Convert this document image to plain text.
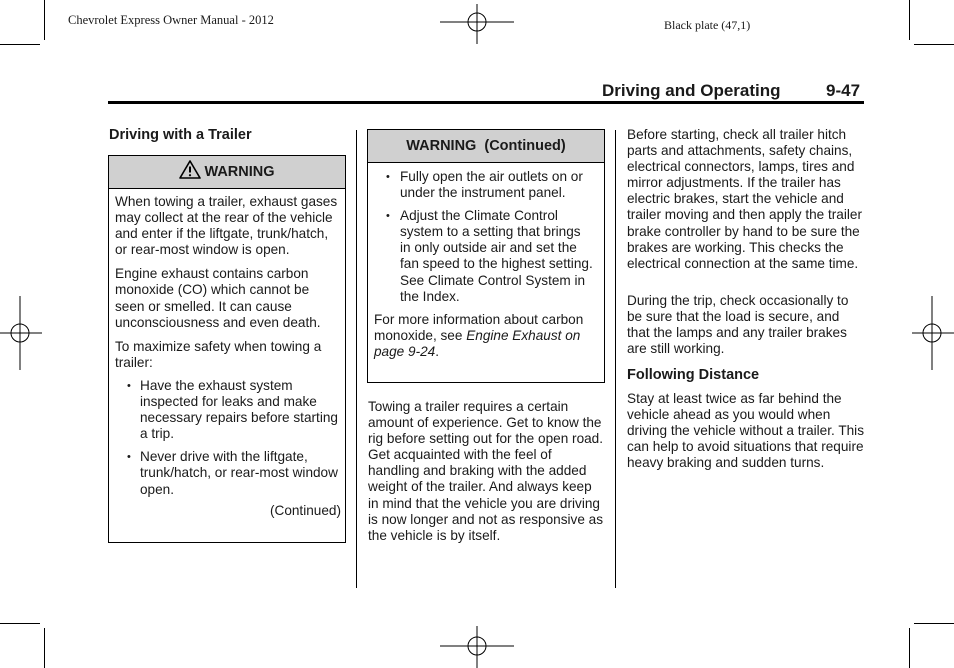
Chevrolet Express Owner Manual - 2012	Black plate (47,1)
Driving and Operating	9-47
Driving with a Trailer
WARNING

When towing a trailer, exhaust gases may collect at the rear of the vehicle and enter if the liftgate, trunk/hatch, or rear-most window is open.

Engine exhaust contains carbon monoxide (CO) which cannot be seen or smelled. It can cause unconsciousness and even death.

To maximize safety when towing a trailer:

• Have the exhaust system inspected for leaks and make necessary repairs before starting a trip.
• Never drive with the liftgate, trunk/hatch, or rear-most window open.
(Continued)
WARNING  (Continued)
• Fully open the air outlets on or under the instrument panel.
• Adjust the Climate Control system to a setting that brings in only outside air and set the fan speed to the highest setting. See Climate Control System in the Index.

For more information about carbon monoxide, see Engine Exhaust on page 9-24.

Towing a trailer requires a certain amount of experience. Get to know the rig before setting out for the open road. Get acquainted with the feel of handling and braking with the added weight of the trailer. And always keep in mind that the vehicle you are driving is now longer and not as responsive as the vehicle is by itself.

Before starting, check all trailer hitch parts and attachments, safety chains, electrical connectors, lamps, tires and mirror adjustments. If the trailer has electric brakes, start the vehicle and trailer moving and then apply the trailer brake controller by hand to be sure the brakes are working. This checks the electrical connection at the same time.

During the trip, check occasionally to be sure that the load is secure, and that the lamps and any trailer brakes are still working.

Following Distance

Stay at least twice as far behind the vehicle ahead as you would when driving the vehicle without a trailer. This can help to avoid situations that require heavy braking and sudden turns.
